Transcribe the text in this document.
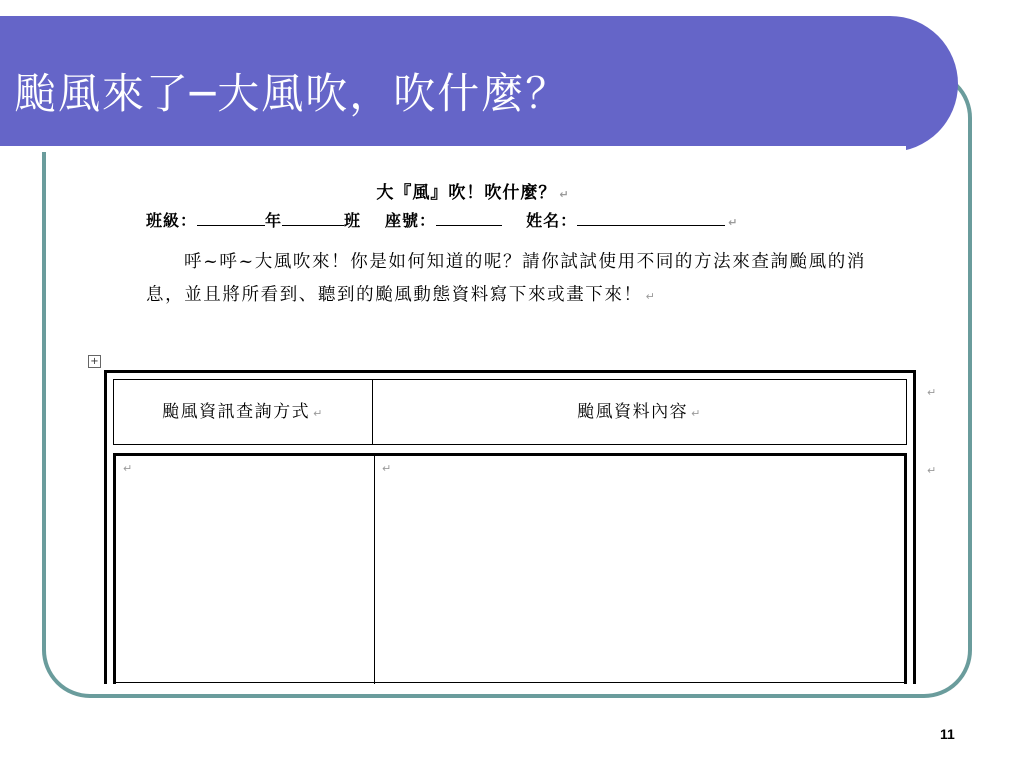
颱風來了─大風吹，吹什麼？
大『風』吹！吹什麼？ ↵
班級：	年	班 座號：	姓名：	↵
呼~呼~大風吹來！你是如何知道的呢？請你試試使用不同的方法來查詢颱風的消息，並且將所看到、聽到的颱風動態資料寫下來或畫下來！ ↵
+
颱風資訊查詢方式 ↵	颱風資料內容 ↵
↵	↵
↵
↵
11
